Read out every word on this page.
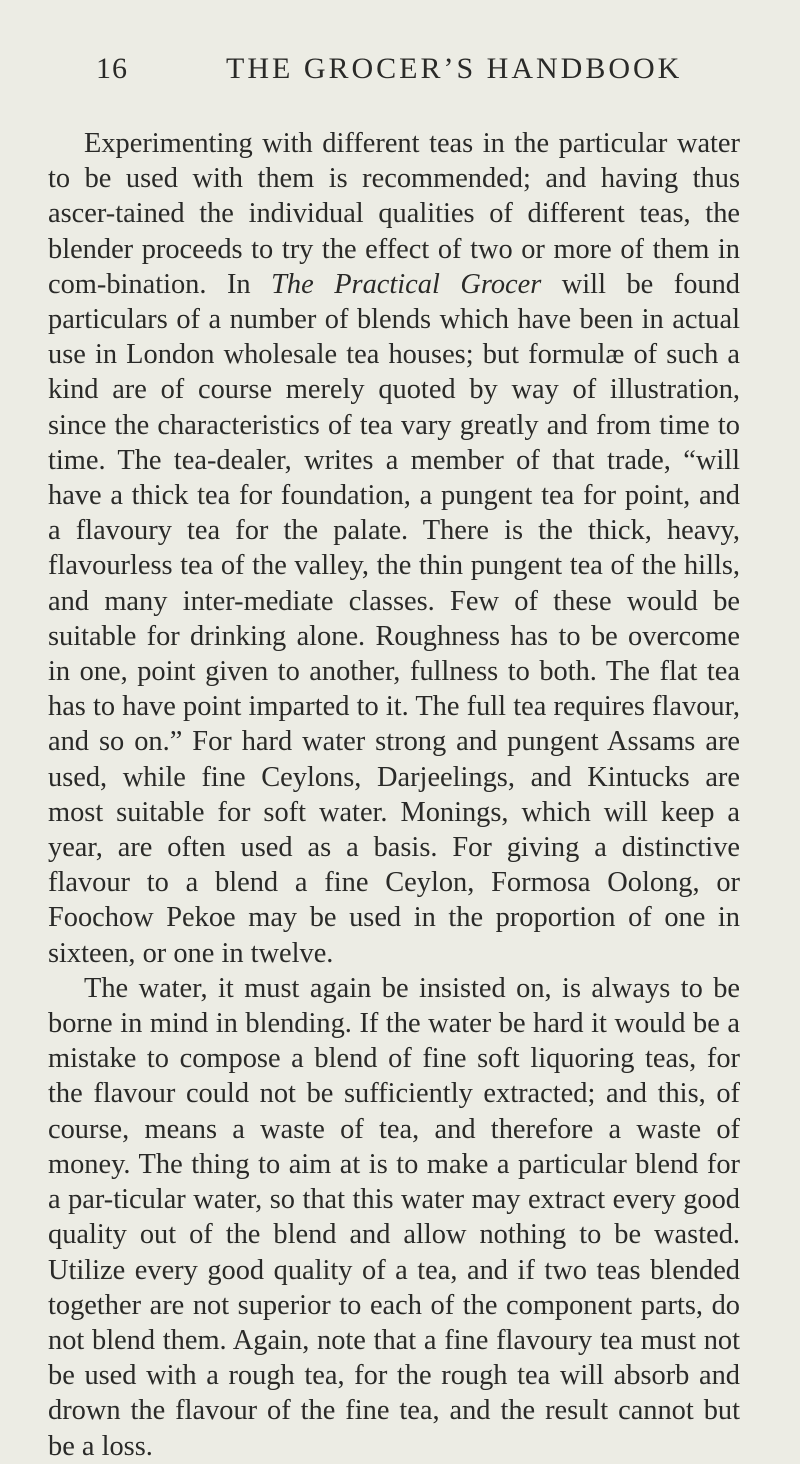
16	THE GROCER’S HANDBOOK

Experimenting with different teas in the particular water to be used with them is recommended; and having thus ascer-tained the individual qualities of different teas, the blender proceeds to try the effect of two or more of them in com-bination. In The Practical Grocer will be found particulars of a number of blends which have been in actual use in London wholesale tea houses; but formulæ of such a kind are of course merely quoted by way of illustration, since the characteristics of tea vary greatly and from time to time. The tea-dealer, writes a member of that trade, “will have a thick tea for foundation, a pungent tea for point, and a flavoury tea for the palate. There is the thick, heavy, flavourless tea of the valley, the thin pungent tea of the hills, and many inter-mediate classes. Few of these would be suitable for drinking alone. Roughness has to be overcome in one, point given to another, fullness to both. The flat tea has to have point imparted to it. The full tea requires flavour, and so on.” For hard water strong and pungent Assams are used, while fine Ceylons, Darjeelings, and Kintucks are most suitable for soft water. Monings, which will keep a year, are often used as a basis. For giving a distinctive flavour to a blend a fine Ceylon, Formosa Oolong, or Foochow Pekoe may be used in the proportion of one in sixteen, or one in twelve.

The water, it must again be insisted on, is always to be borne in mind in blending. If the water be hard it would be a mistake to compose a blend of fine soft liquoring teas, for the flavour could not be sufficiently extracted; and this, of course, means a waste of tea, and therefore a waste of money. The thing to aim at is to make a particular blend for a par-ticular water, so that this water may extract every good quality out of the blend and allow nothing to be wasted. Utilize every good quality of a tea, and if two teas blended together are not superior to each of the component parts, do not blend them. Again, note that a fine flavoury tea must not be used with a rough tea, for the rough tea will absorb and drown the flavour of the fine tea, and the result cannot but be a loss.
